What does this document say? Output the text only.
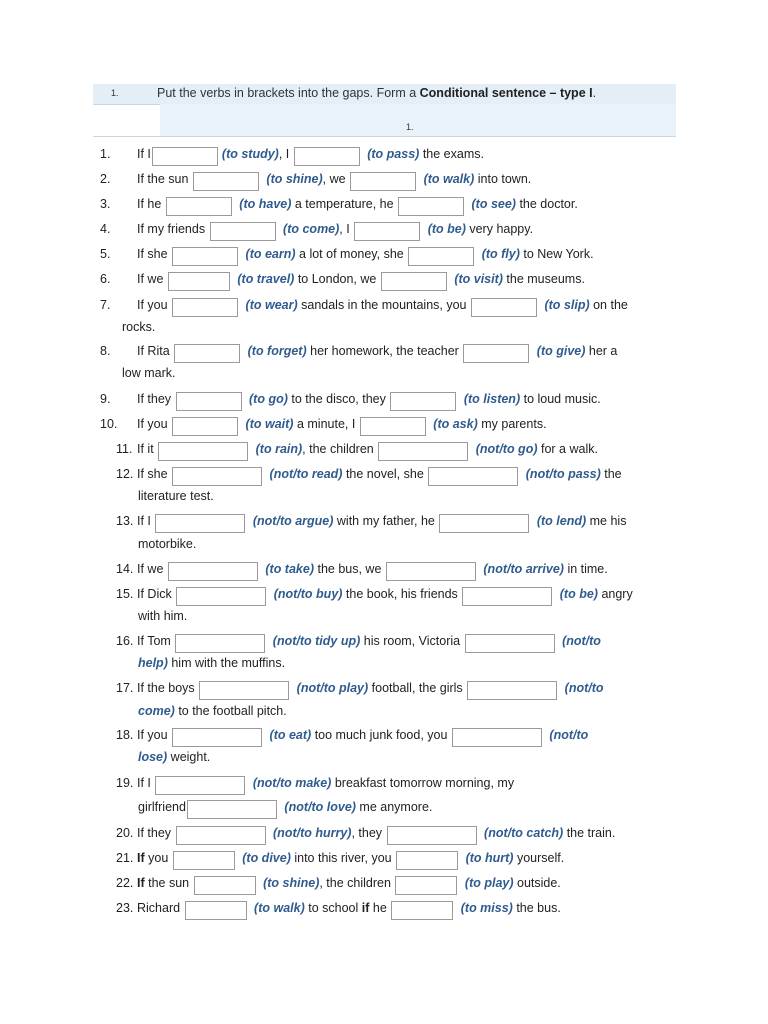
1.	Put the verbs in brackets into the gaps. Form a Conditional sentence – type I.
1.
1. If I	(to study), I	(to pass) the exams.
2. If the sun	(to shine), we	(to walk) into town.
3. If he	(to have) a temperature, he	(to see) the doctor.
4. If my friends	(to come), I	(to be) very happy.
5. If she	(to earn) a lot of money, she	(to fly) to New York.
6. If we	(to travel) to London, we	(to visit) the museums.
7. If you	(to wear) sandals in the mountains, you	(to slip) on the
rocks.
8. If Rita	(to forget) her homework, the teacher	(to give) her a
low mark.
9. If they	(to go) to the disco, they	(to listen) to loud music.
10. If you	(to wait) a minute, I	(to ask) my parents.
11. If it	(to rain), the children	(not/to go) for a walk.
12. If she	(not/to read) the novel, she	(not/to pass) the
literature test.
13. If I	(not/to argue) with my father, he	(to lend) me his
motorbike.
14. If we	(to take) the bus, we	(not/to arrive) in time.
15. If Dick	(not/to buy) the book, his friends	(to be) angry
with him.
16. If Tom	(not/to tidy up) his room, Victoria	(not/to
help) him with the muffins.
17. If the boys	(not/to play) football, the girls	(not/to
come) to the football pitch.
18. If you	(to eat) too much junk food, you	(not/to
lose) weight.
19. If I	(not/to make) breakfast tomorrow morning, my
girlfriend	(not/to love) me anymore.
20. If they	(not/to hurry), they	(not/to catch) the train.
21. If you	(to dive) into this river, you	(to hurt) yourself.
22. If the sun	(to shine), the children	(to play) outside.
23. Richard	(to walk) to school if he	(to miss) the bus.
